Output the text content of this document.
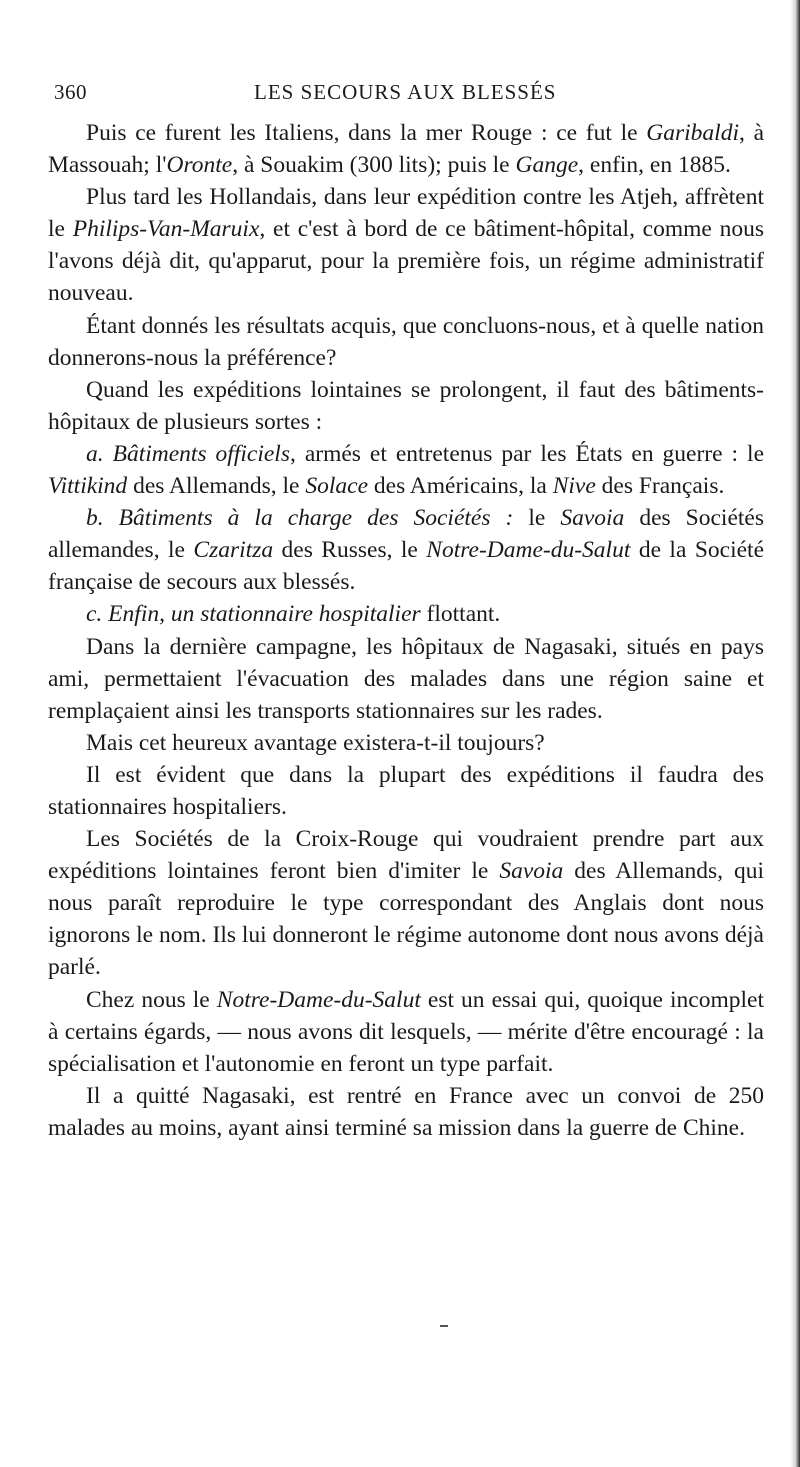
360	LES SECOURS AUX BLESSÉS

Puis ce furent les Italiens, dans la mer Rouge : ce fut le Garibaldi, à Massouah; l'Oronte, à Souakim (300 lits); puis le Gange, enfin, en 1885.

Plus tard les Hollandais, dans leur expédition contre les Atjeh, affrètent le Philips-Van-Maruix, et c'est à bord de ce bâtiment-hôpital, comme nous l'avons déjà dit, qu'apparut, pour la première fois, un régime administratif nouveau.

Étant donnés les résultats acquis, que concluons-nous, et à quelle nation donnerons-nous la préférence?

Quand les expéditions lointaines se prolongent, il faut des bâtiments-hôpitaux de plusieurs sortes :

a. Bâtiments officiels, armés et entretenus par les États en guerre : le Vittikind des Allemands, le Solace des Américains, la Nive des Français.

b. Bâtiments à la charge des Sociétés : le Savoia des Sociétés allemandes, le Czaritza des Russes, le Notre-Dame-du-Salut de la Société française de secours aux blessés.

c. Enfin, un stationnaire hospitalier flottant.

Dans la dernière campagne, les hôpitaux de Nagasaki, situés en pays ami, permettaient l'évacuation des malades dans une région saine et remplaçaient ainsi les transports stationnaires sur les rades.

Mais cet heureux avantage existera-t-il toujours?

Il est évident que dans la plupart des expéditions il faudra des stationnaires hospitaliers.

Les Sociétés de la Croix-Rouge qui voudraient prendre part aux expéditions lointaines feront bien d'imiter le Savoia des Allemands, qui nous paraît reproduire le type correspondant des Anglais dont nous ignorons le nom. Ils lui donneront le régime autonome dont nous avons déjà parlé.

Chez nous le Notre-Dame-du-Salut est un essai qui, quoique incomplet à certains égards, — nous avons dit lesquels, — mérite d'être encouragé : la spécialisation et l'autonomie en feront un type parfait.

Il a quitté Nagasaki, est rentré en France avec un convoi de 250 malades au moins, ayant ainsi terminé sa mission dans la guerre de Chine.
